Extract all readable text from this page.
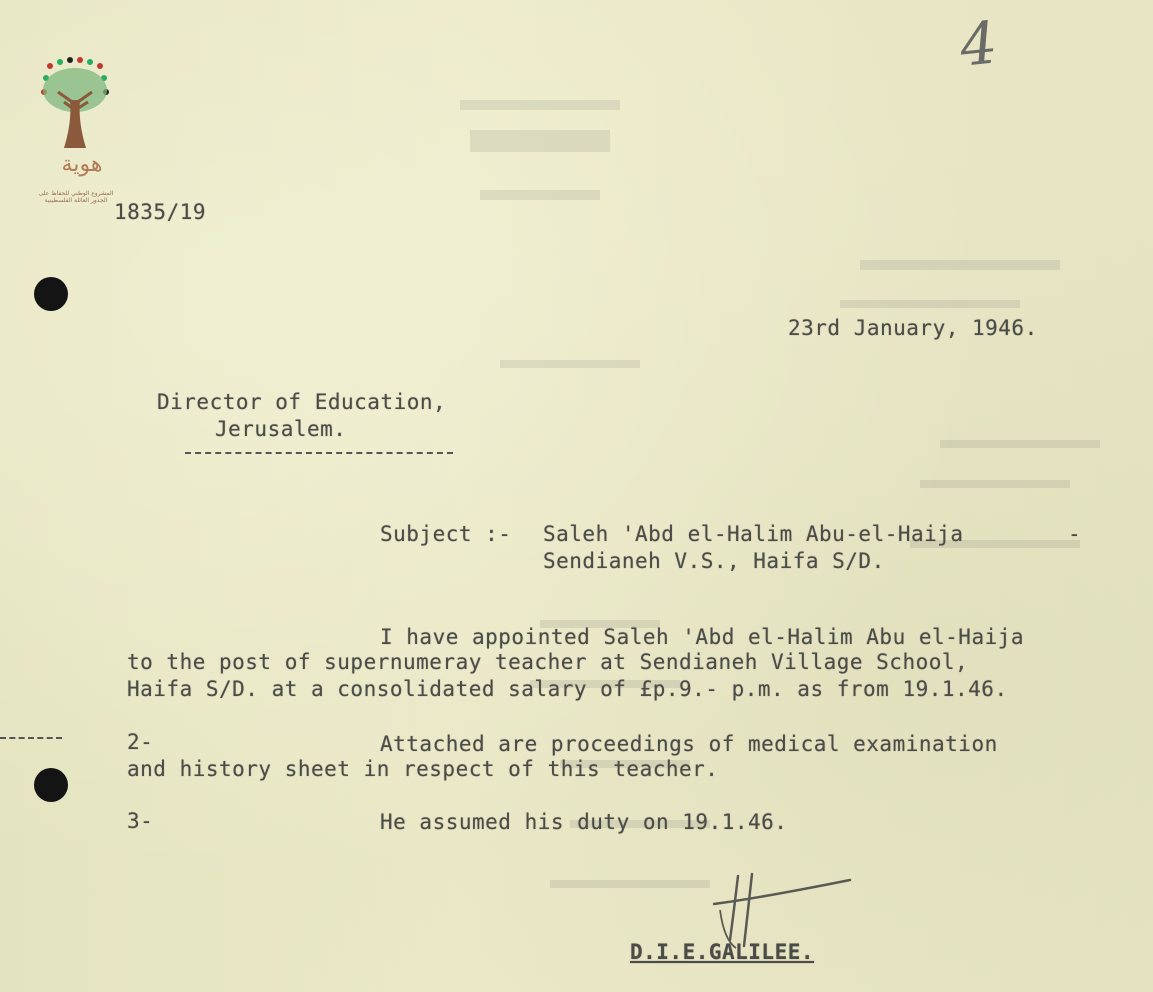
هوية
المشروع الوطني للحفاظ على الجذور العائلة الفلسطينية
4
1835/19
23rd January, 1946.
Director of Education,
Jerusalem.
Subject :- Saleh 'Abd el-Halim Abu-el-Haija	-
Sendianeh V.S., Haifa S/D.
I have appointed Saleh 'Abd el-Halim Abu el-Haija
to the post of supernumeray teacher at Sendianeh Village School,
Haifa S/D. at a consolidated salary of £p.9.- p.m. as from 19.1.46.
2-	Attached are proceedings of medical examination
and history sheet in respect of this teacher.
3-	He assumed his duty on 19.1.46.
D.I.E.GALILEE.
